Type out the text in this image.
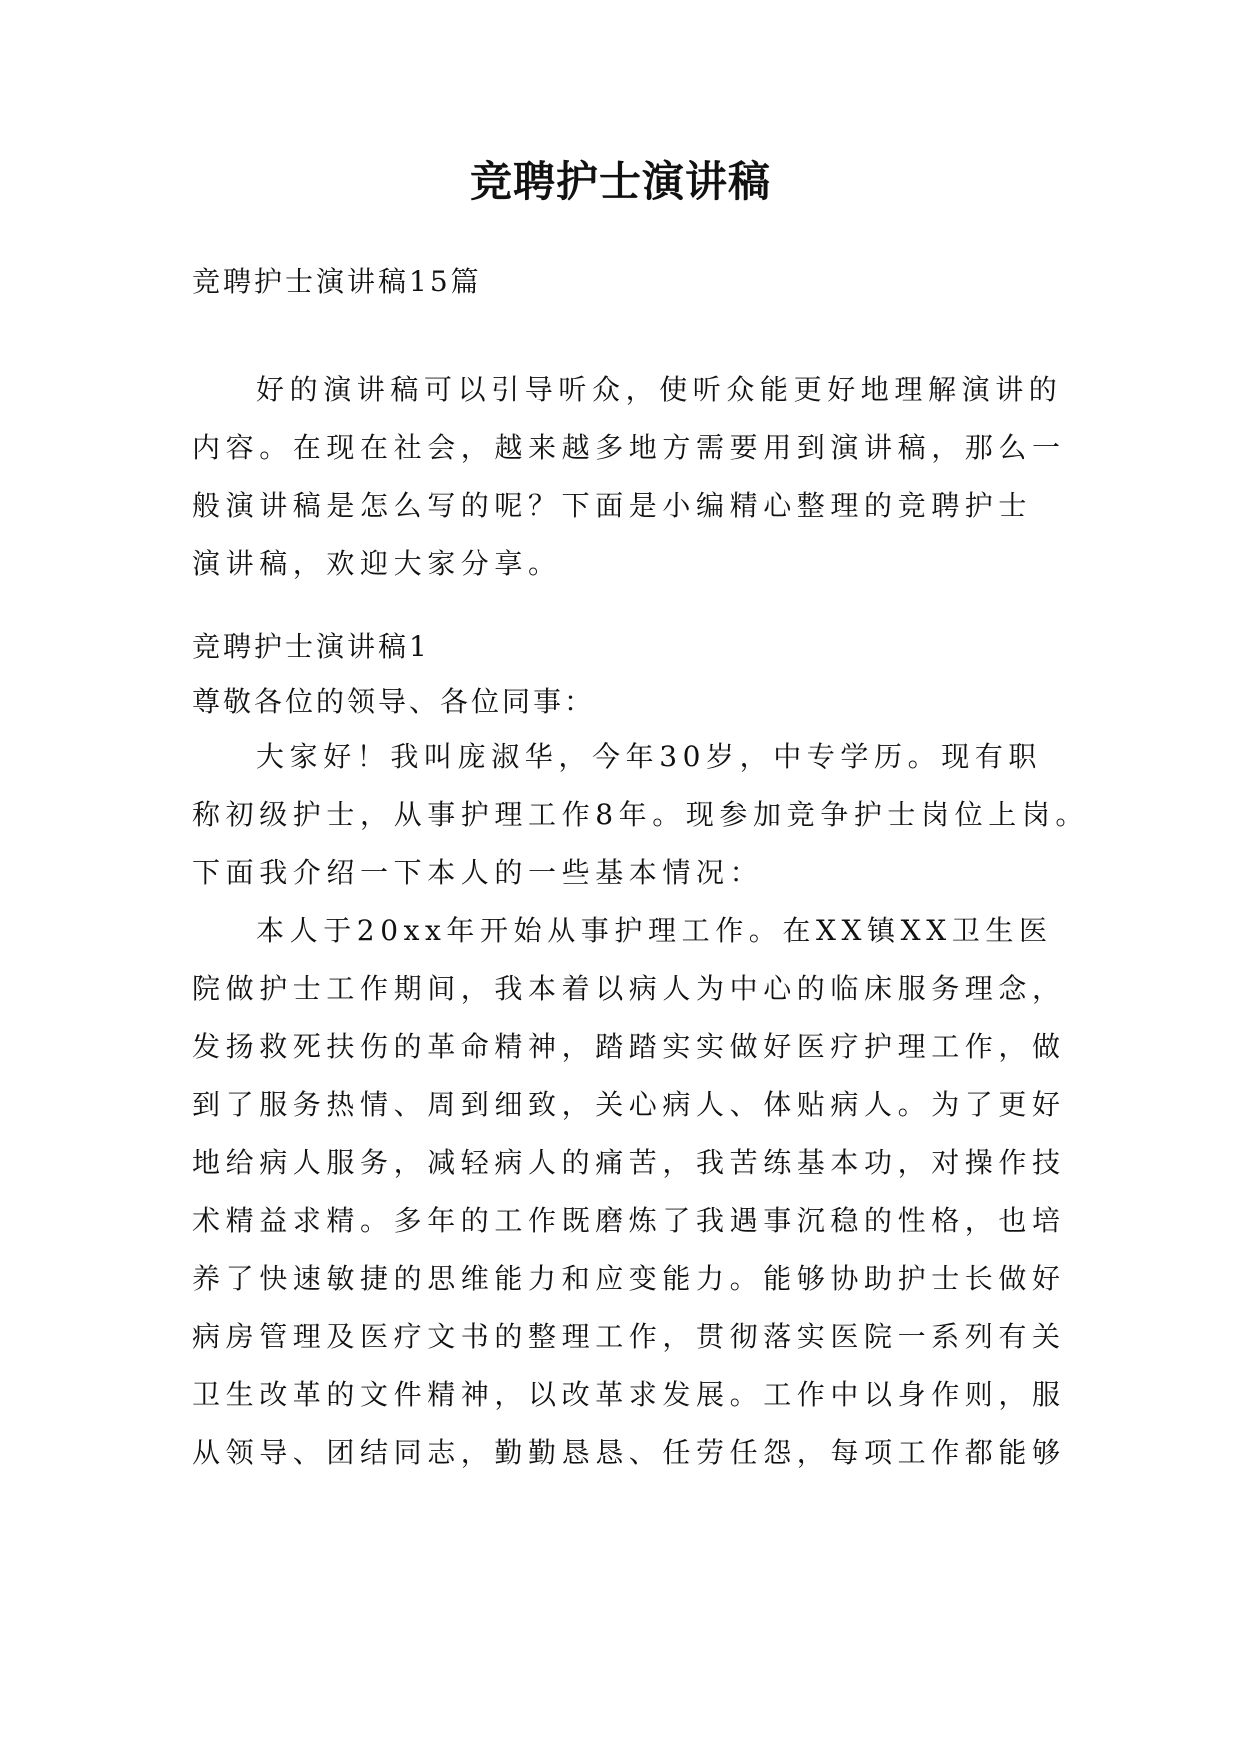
竞聘护士演讲稿

竞聘护士演讲稿15篇

好的演讲稿可以引导听众，使听众能更好地理解演讲的
内容。在现在社会，越来越多地方需要用到演讲稿，那么一
般演讲稿是怎么写的呢？下面是小编精心整理的竞聘护士
演讲稿，欢迎大家分享。

竞聘护士演讲稿1

尊敬各位的领导、各位同事：

大家好！我叫庞淑华，今年30岁，中专学历。现有职
称初级护士，从事护理工作8年。现参加竞争护士岗位上岗。
下面我介绍一下本人的一些基本情况：
本人于20xx年开始从事护理工作。在XX镇XX卫生医
院做护士工作期间，我本着以病人为中心的临床服务理念，
发扬救死扶伤的革命精神，踏踏实实做好医疗护理工作，做
到了服务热情、周到细致，关心病人、体贴病人。为了更好
地给病人服务，减轻病人的痛苦，我苦练基本功，对操作技
术精益求精。多年的工作既磨炼了我遇事沉稳的性格，也培
养了快速敏捷的思维能力和应变能力。能够协助护士长做好
病房管理及医疗文书的整理工作，贯彻落实医院一系列有关
卫生改革的文件精神，以改革求发展。工作中以身作则，服
从领导、团结同志，勤勤恳恳、任劳任怨，每项工作都能够
